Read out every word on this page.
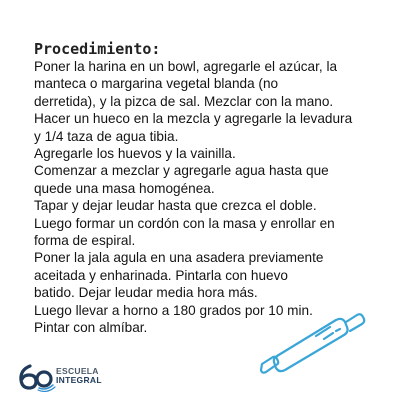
Procedimiento:
Poner la harina en un bowl, agregarle el azúcar, la
manteca o margarina vegetal blanda (no
derretida), y la pizca de sal. Mezclar con la mano.
Hacer un hueco en la mezcla y agregarle la levadura
y 1/4 taza de agua tibia.
Agregarle los huevos y la vainilla.
Comenzar a mezclar y agregarle agua hasta que
quede una masa homogénea.
Tapar y dejar leudar hasta que crezca el doble.
Luego formar un cordón con la masa y enrollar en
forma de espiral.
Poner la jala agula en una asadera previamente
aceitada y enharinada. Pintarla con huevo
batido. Dejar leudar media hora más.
Luego llevar a horno a 180 grados por 10 min.
Pintar con almíbar.
ESCUELA
INTEGRAL
